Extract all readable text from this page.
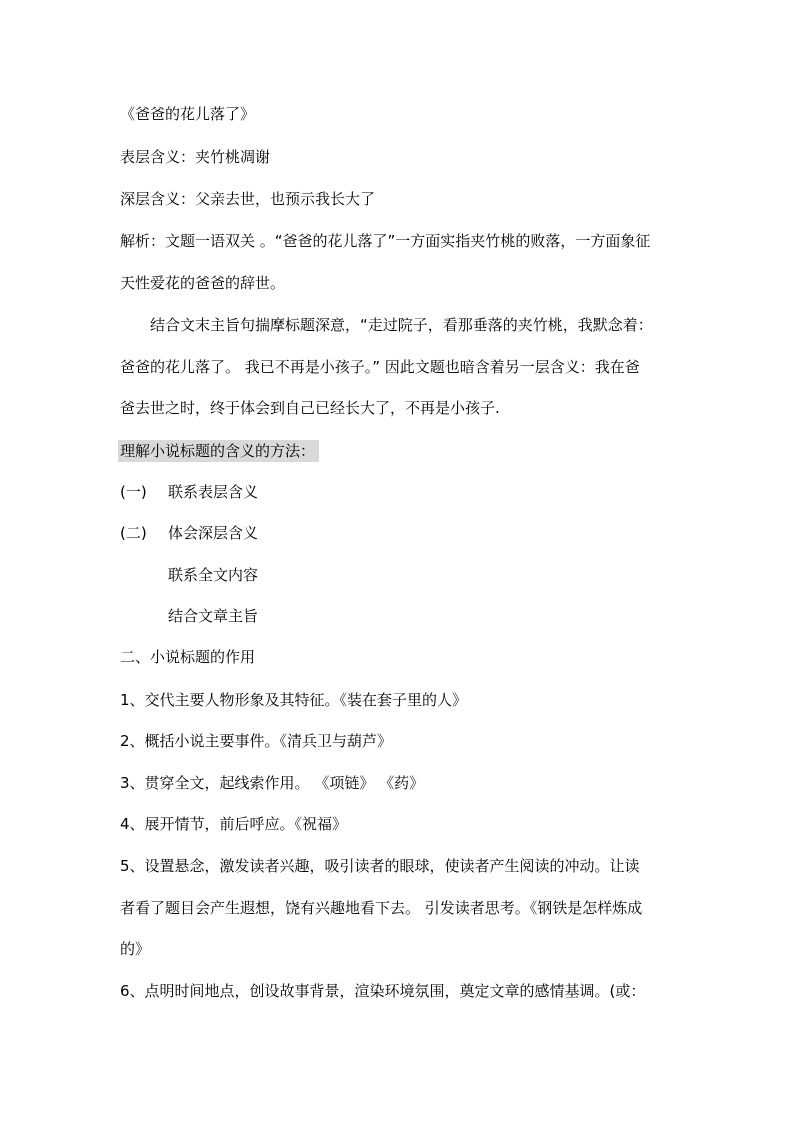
《爸爸的花儿落了》
表层含义：夹竹桃凋谢
深层含义：父亲去世，也预示我长大了
解析：文题一语双关 。“爸爸的花儿落了”一方面实指夹竹桃的败落，一方面象征
天性爱花的爸爸的辞世。
结合文末主旨句揣摩标题深意，“走过院子，看那垂落的夹竹桃，我默念着：
爸爸的花儿落了。 我已不再是小孩子。” 因此文题也暗含着另一层含义：我在爸
爸去世之时，终于体会到自己已经长大了，不再是小孩子.
理解小说标题的含义的方法：
(一) 联系表层含义
(二) 体会深层含义
联系全文内容
结合文章主旨
二、小说标题的作用
1、交代主要人物形象及其特征。《装在套子里的人》
2、概括小说主要事件。《清兵卫与葫芦》
3、贯穿全文，起线索作用。 《项链》 《药》
4、展开情节，前后呼应。《祝福》
5、设置悬念，激发读者兴趣，吸引读者的眼球，使读者产生阅读的冲动。让读
者看了题目会产生遐想，饶有兴趣地看下去。 引发读者思考。《钢铁是怎样炼成
的》
6、点明时间地点，创设故事背景，渲染环境氛围，奠定文章的感情基调。(或：
